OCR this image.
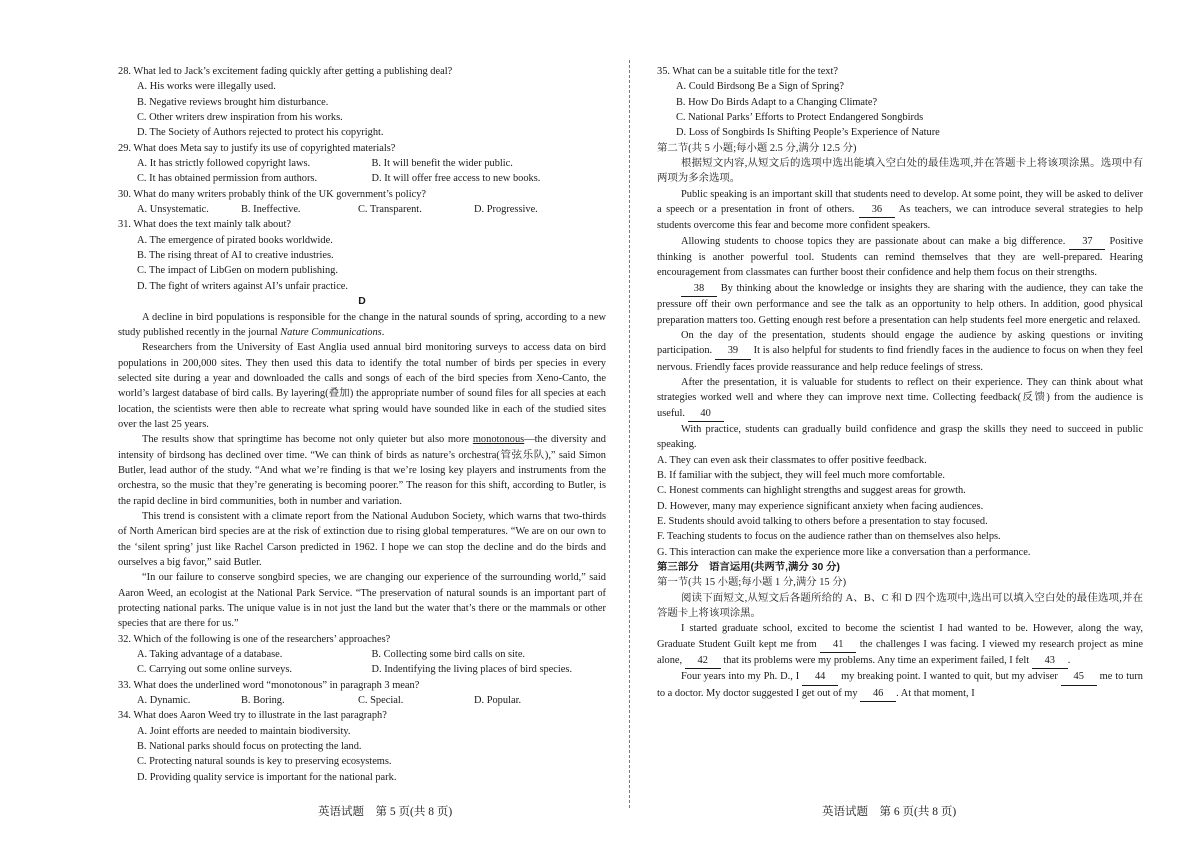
28. What led to Jack’s excitement fading quickly after getting a publishing deal?
A. His works were illegally used.
B. Negative reviews brought him disturbance.
C. Other writers drew inspiration from his works.
D. The Society of Authors rejected to protect his copyright.
29. What does Meta say to justify its use of copyrighted materials?
A. It has strictly followed copyright laws.	B. It will benefit the wider public.
C. It has obtained permission from authors.	D. It will offer free access to new books.
30. What do many writers probably think of the UK government’s policy?
A. Unsystematic.	B. Ineffective.	C. Transparent.	D. Progressive.
31. What does the text mainly talk about?
A. The emergence of pirated books worldwide.
B. The rising threat of AI to creative industries.
C. The impact of LibGen on modern publishing.
D. The fight of writers against AI’s unfair practice.
D
A decline in bird populations is responsible for the change in the natural sounds of spring, according to a new study published recently in the journal Nature Communications.
Researchers from the University of East Anglia used annual bird monitoring surveys to access data on bird populations in 200,000 sites. They then used this data to identify the total number of birds per species in every selected site during a year and downloaded the calls and songs of each of the bird species from Xeno-Canto, the world’s largest database of bird calls. By layering(叠加) the appropriate number of sound files for all species at each location, the scientists were then able to recreate what spring would have sounded like in each of the studied sites over the last 25 years.
The results show that springtime has become not only quieter but also more monotonous—the diversity and intensity of birdsong has declined over time. “We can think of birds as nature’s orchestra(管弦乐队),” said Simon Butler, lead author of the study. “And what we’re finding is that we’re losing key players and instruments from the orchestra, so the music that they’re generating is becoming poorer.” The reason for this shift, according to Butler, is the rapid decline in bird communities, both in number and variation.
This trend is consistent with a climate report from the National Audubon Society, which warns that two-thirds of North American bird species are at the risk of extinction due to rising global temperatures. “We are on our own to the ‘silent spring’ just like Rachel Carson predicted in 1962. I hope we can stop the decline and do the birds and ourselves a big favor,” said Butler.
“In our failure to conserve songbird species, we are changing our experience of the surrounding world,” said Aaron Weed, an ecologist at the National Park Service. “The preservation of natural sounds is an important part of protecting national parks. The unique value is in not just the land but the water that’s there or the mammals or other species that are there for us.”
32. Which of the following is one of the researchers’ approaches?
A. Taking advantage of a database.	B. Collecting some bird calls on site.
C. Carrying out some online surveys.	D. Indentifying the living places of bird species.
33. What does the underlined word “monotonous” in paragraph 3 mean?
A. Dynamic.	B. Boring.	C. Special.	D. Popular.
34. What does Aaron Weed try to illustrate in the last paragraph?
A. Joint efforts are needed to maintain biodiversity.
B. National parks should focus on protecting the land.
C. Protecting natural sounds is key to preserving ecosystems.
D. Providing quality service is important for the national park.
35. What can be a suitable title for the text?
A. Could Birdsong Be a Sign of Spring?
B. How Do Birds Adapt to a Changing Climate?
C. National Parks’ Efforts to Protect Endangered Songbirds
D. Loss of Songbirds Is Shifting People’s Experience of Nature
第二节(共 5 小题;每小题 2.5 分,满分 12.5 分)
根据短文内容,从短文后的选项中选出能填入空白处的最佳选项,并在答题卡上将该项涂黑。选项中有两项为多余选项。
Public speaking is an important skill that students need to develop. At some point, they will be asked to deliver a speech or a presentation in front of others. 36 As teachers, we can introduce several strategies to help students overcome this fear and become more confident speakers.
Allowing students to choose topics they are passionate about can make a big difference. 37 Positive thinking is another powerful tool. Students can remind themselves that they are well-prepared. Hearing encouragement from classmates can further boost their confidence and help them focus on their strengths.
38 By thinking about the knowledge or insights they are sharing with the audience, they can take the pressure off their own performance and see the talk as an opportunity to help others. In addition, good physical preparation matters too. Getting enough rest before a presentation can help students feel more energetic and relaxed.
On the day of the presentation, students should engage the audience by asking questions or inviting participation. 39 It is also helpful for students to find friendly faces in the audience to focus on when they feel nervous. Friendly faces provide reassurance and help reduce feelings of stress.
After the presentation, it is valuable for students to reflect on their experience. They can think about what strategies worked well and where they can improve next time. Collecting feedback(反馈) from the audience is useful. 40
With practice, students can gradually build confidence and grasp the skills they need to succeed in public speaking.
A. They can even ask their classmates to offer positive feedback.
B. If familiar with the subject, they will feel much more comfortable.
C. Honest comments can highlight strengths and suggest areas for growth.
D. However, many may experience significant anxiety when facing audiences.
E. Students should avoid talking to others before a presentation to stay focused.
F. Teaching students to focus on the audience rather than on themselves also helps.
G. This interaction can make the experience more like a conversation than a performance.
第三部分　语言运用(共两节,满分 30 分)
第一节(共 15 小题;每小题 1 分,满分 15 分)
阅读下面短文,从短文后各题所给的 A、B、C 和 D 四个选项中,选出可以填入空白处的最佳选项,并在答题卡上将该项涂黑。
I started graduate school, excited to become the scientist I had wanted to be. However, along the way, Graduate Student Guilt kept me from 41 the challenges I was facing. I viewed my research project as mine alone, 42 that its problems were my problems. Any time an experiment failed, I felt 43 .
Four years into my Ph. D., I 44 my breaking point. I wanted to quit, but my adviser 45 me to turn to a doctor. My doctor suggested I get out of my 46 . At that moment, I
英语试题　第 5 页(共 8 页)	英语试题　第 6 页(共 8 页)
